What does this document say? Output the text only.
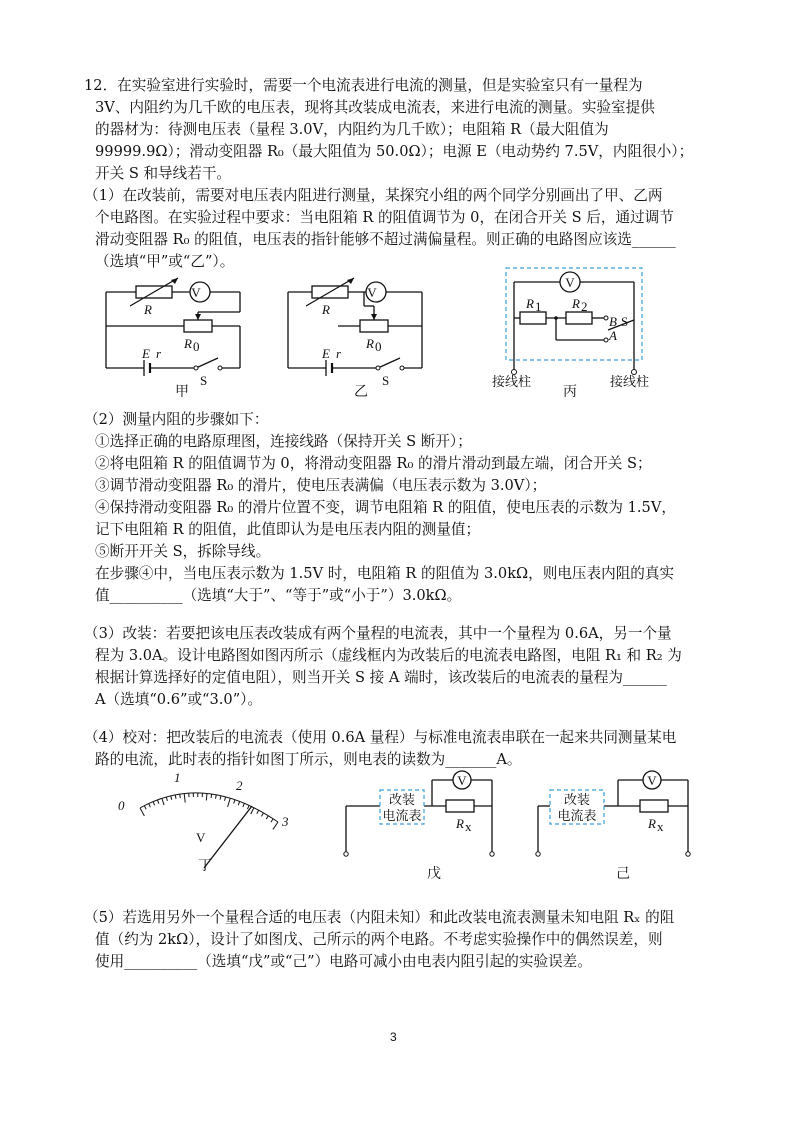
12．在实验室进行实验时，需要一个电流表进行电流的测量，但是实验室只有一量程为
3V、内阻约为几千欧的电压表，现将其改装成电流表，来进行电流的测量。实验室提供
的器材为：待测电压表（量程 3.0V，内阻约为几千欧）；电阻箱 R（最大阻值为
99999.9Ω）；滑动变阻器 R₀（最大阻值为 50.0Ω）；电源 E（电动势约 7.5V，内阻很小）；
开关 S 和导线若干。
（1）在改装前，需要对电压表内阻进行测量，某探究小组的两个同学分别画出了甲、乙两
个电路图。在实验过程中要求：当电阻箱 R 的阻值调节为 0，在闭合开关 S 后，通过调节
滑动变阻器 R₀ 的阻值，电压表的指针能够不超过满偏量程。则正确的电路图应该选______
（选填“甲”或“乙”）。
R
V
R 0
E r
S
甲
R
V
R 0
E r
S
乙
V
R 1 R 2
B S
A
接线柱	接线柱
丙
（2）测量内阻的步骤如下：
①选择正确的电路原理图，连接线路（保持开关 S 断开）；
②将电阻箱 R 的阻值调节为 0，将滑动变阻器 R₀ 的滑片滑动到最左端，闭合开关 S；
③调节滑动变阻器 R₀ 的滑片，使电压表满偏（电压表示数为 3.0V）；
④保持滑动变阻器 R₀ 的滑片位置不变，调节电阻箱 R 的阻值，使电压表的示数为 1.5V，
记下电阻箱 R 的阻值，此值即认为是电压表内阻的测量值；
⑤断开开关 S，拆除导线。
在步骤④中，当电压表示数为 1.5V 时，电阻箱 R 的阻值为 3.0kΩ，则电压表内阻的真实
值__________（选填“大于”、“等于”或“小于”）3.0kΩ。
（3）改装：若要把该电压表改装成有两个量程的电流表，其中一个量程为 0.6A，另一个量
程为 3.0A。设计电路图如图丙所示（虚线框内为改装后的电流表电路图，电阻 R₁ 和 R₂ 为
根据计算选择好的定值电阻），则当开关 S 接 A 端时，该改装后的电流表的量程为______
A（选填“0.6”或“3.0”）。
（4）校对：把改装后的电流表（使用 0.6A 量程）与标准电流表串联在一起来共同测量某电
路的电流，此时表的指针如图丁所示，则电表的读数为_______A。
0
1
2
3
V
丁
V
改装
电流表
R x
戊
V
改装
电流表
R x
己
（5）若选用另外一个量程合适的电压表（内阻未知）和此改装电流表测量未知电阻 Rₓ 的阻
值（约为 2kΩ），设计了如图戊、己所示的两个电路。不考虑实验操作中的偶然误差，则
使用__________（选填“戊”或“己”）电路可减小由电表内阻引起的实验误差。
3
